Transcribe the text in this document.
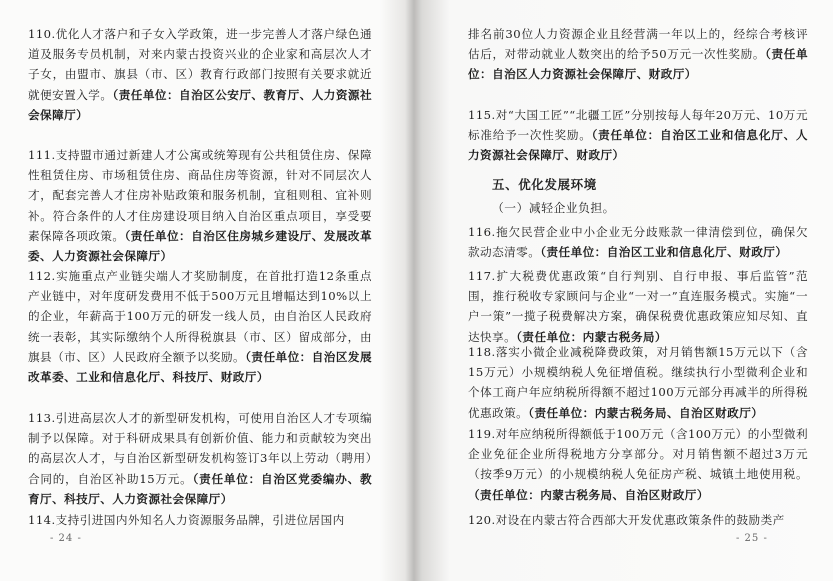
110.优化人才落户和子女入学政策，进一步完善人才落户绿色通道及服务专员机制，对来内蒙古投资兴业的企业家和高层次人才子女，由盟市、旗县（市、区）教育行政部门按照有关要求就近就便安置入学。（责任单位：自治区公安厅、教育厅、人力资源社会保障厅）

111.支持盟市通过新建人才公寓或统筹现有公共租赁住房、保障性租赁住房、市场租赁住房、商品住房等资源，针对不同层次人才，配套完善人才住房补贴政策和服务机制，宜租则租、宜补则补。符合条件的人才住房建设项目纳入自治区重点项目，享受要素保障各项政策。（责任单位：自治区住房城乡建设厅、发展改革委、人力资源社会保障厅）

112.实施重点产业链尖端人才奖励制度，在首批打造12条重点产业链中，对年度研发费用不低于500万元且增幅达到10%以上的企业，年薪高于100万元的研发一线人员，由自治区人民政府统一表彰，其实际缴纳个人所得税旗县（市、区）留成部分，由旗县（市、区）人民政府全额予以奖励。（责任单位：自治区发展改革委、工业和信息化厅、科技厅、财政厅）

113.引进高层次人才的新型研发机构，可使用自治区人才专项编制予以保障。对于科研成果具有创新价值、能力和贡献较为突出的高层次人才，与自治区新型研发机构签订3年以上劳动（聘用）合同的，自治区补助15万元。（责任单位：自治区党委编办、教育厅、科技厅、人力资源社会保障厅）

114.支持引进国内外知名人力资源服务品牌，引进位居国内

- 24 -

排名前30位人力资源企业且经营满一年以上的，经综合考核评估后，对带动就业人数突出的给予50万元一次性奖励。（责任单位：自治区人力资源社会保障厅、财政厅）

115.对“大国工匠”“北疆工匠”分别按每人每年20万元、10万元标准给予一次性奖励。（责任单位：自治区工业和信息化厅、人力资源社会保障厅、财政厅）

五、优化发展环境

（一）减轻企业负担。

116.拖欠民营企业中小企业无分歧账款一律清偿到位，确保欠款动态清零。（责任单位：自治区工业和信息化厅、财政厅）

117.扩大税费优惠政策“自行判别、自行申报、事后监管”范围，推行税收专家顾问与企业“一对一”直连服务模式。实施“一户一策”一揽子税费解决方案，确保税费优惠政策应知尽知、直达快享。（责任单位：内蒙古税务局）

118.落实小微企业减税降费政策，对月销售额15万元以下（含15万元）小规模纳税人免征增值税。继续执行小型微利企业和个体工商户年应纳税所得额不超过100万元部分再减半的所得税优惠政策。（责任单位：内蒙古税务局、自治区财政厅）

119.对年应纳税所得额低于100万元（含100万元）的小型微利企业免征企业所得税地方分享部分。对月销售额不超过3万元（按季9万元）的小规模纳税人免征房产税、城镇土地使用税。（责任单位：内蒙古税务局、自治区财政厅）

120.对设在内蒙古符合西部大开发优惠政策条件的鼓励类产

- 25 -
